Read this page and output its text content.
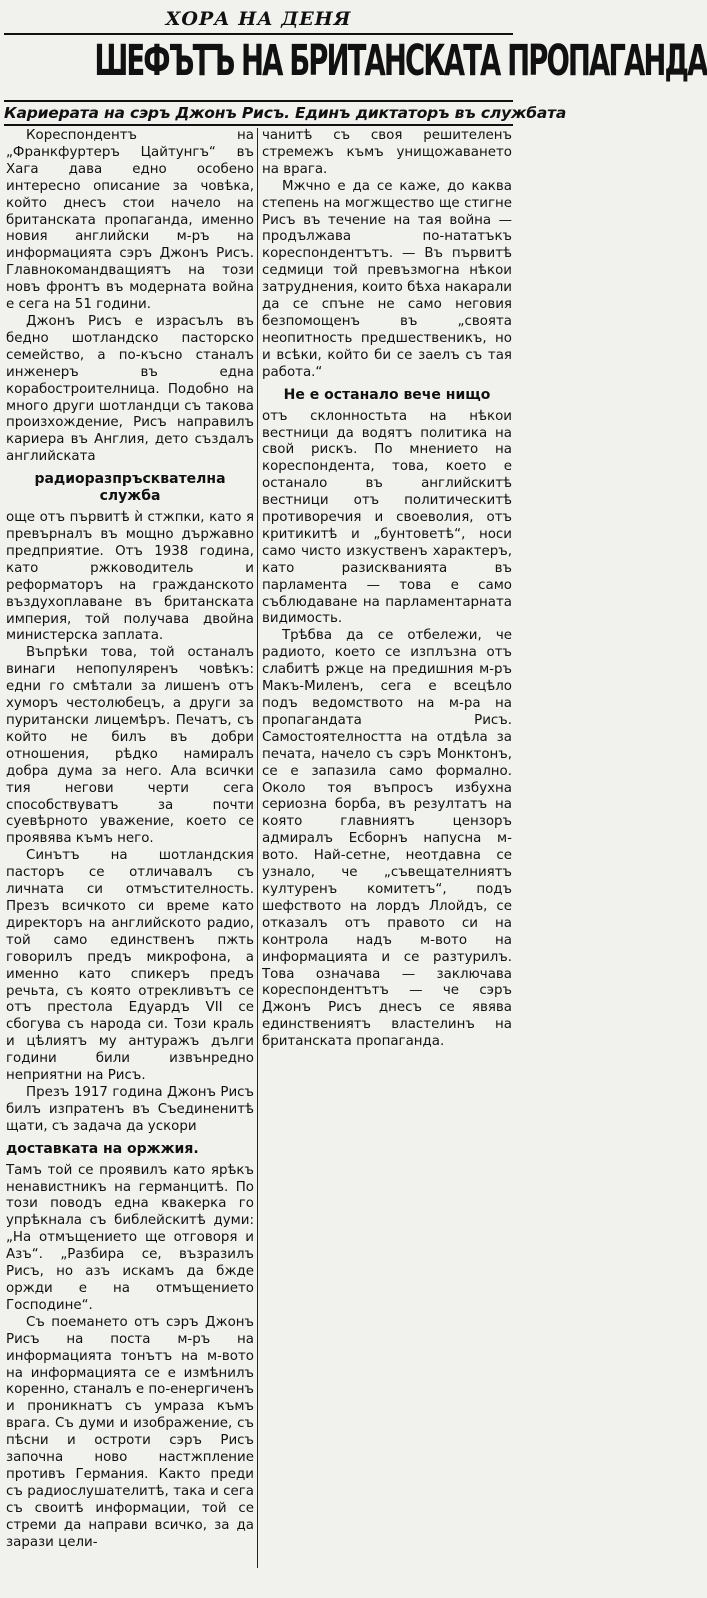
ХОРА НА ДЕНЯ
ШЕФЪТЪ НА БРИТАНСКАТА ПРОПАГАНДА
Кариерата на сэръ Джонъ Рисъ. Единъ диктаторъ въ службата

Кореспондентъ на „Франкфуртеръ Цайтунгъ“ въ Хага дава едно особено интересно описание за човѣка, който днесъ стои начело на британската пропаганда, именно новия английски м-ръ на информацията сэръ Джонъ Рисъ. Главнокомандващиятъ на този новъ фронтъ въ модерната война е сега на 51 години.

Джонъ Рисъ е израсълъ въ бедно шотландско пасторско семейство, а по-късно станалъ инженеръ въ една корабостроителница. Подобно на много други шотландци съ такова произхождение, Рисъ направилъ кариера въ Англия, дето създалъ английската

радиоразпръсквателна служба

още отъ първитѣ ѝ стжпки, като я превърналъ въ мощно държавно предприятие. Отъ 1938 година, като ржководитель и реформаторъ на гражданското въздухоплаване въ британската империя, той получава двойна министерска заплата.

Въпрѣки това, той останалъ винаги непопуляренъ човѣкъ: едни го смѣтали за лишенъ отъ хуморъ честолюбецъ, а други за пуритански лицемѣръ. Печатъ, съ който не билъ въ добри отношения, рѣдко намиралъ добра дума за него. Ала всички тия негови черти сега способствуватъ за почти суевѣрното уважение, което се проявява къмъ него.

Синътъ на шотландския пасторъ се отличавалъ съ личната си отмъстителность. Презъ всичкото си време като директоръ на английското радио, той само единственъ пжть говорилъ предъ микрофона, а именно като спикеръ предъ речьта, съ която отрекливътъ се отъ престола Едуардъ VII се сбогува съ народа си. Този краль и цѣлиятъ му антуражъ дълги години били извънредно неприятни на Рисъ.

Презъ 1917 година Джонъ Рисъ билъ изпратенъ въ Съединенитѣ щати, съ задача да ускори

доставката на оржжия.

Тамъ той се проявилъ като ярѣкъ ненавистникъ на германцитѣ. По този поводъ една квакерка го упрѣкнала съ библейскитѣ думи: „На отмъщението ще отговоря и Азъ“. „Разбира се, възразилъ Рисъ, но азъ искамъ да бжде оржди е на отмъщението Господине“.

Съ поемането отъ сэръ Джонъ Рисъ на поста м-ръ на информацията тонътъ на м-вото на информацията се е измѣнилъ коренно, станалъ е по-енергиченъ и проникнатъ съ умраза къмъ врага. Съ думи и изображение, съ пѣсни и остроти сэръ Рисъ започна ново настжпление противъ Германия. Както преди съ радиослушателитѣ, така и сега съ своитѣ информации, той се стреми да направи всичко, за да зарази цели-

чанитѣ съ своя решителенъ стремежъ къмъ унищожаването на врага.

Мжчно е да се каже, до каква степень на могжщество ще стигне Рисъ въ течение на тая война — продължава по-нататъкъ кореспондентътъ. — Въ първитѣ седмици той превъзмогна нѣкои затруднения, които бѣха накарали да се спъне не само неговия безпомощенъ въ „своята неопитность предшественикъ, но и всѣки, който би се заелъ съ тая работа.“

Не е останало вече нищо

отъ склонностьта на нѣкои вестници да водятъ политика на свой рискъ. По мнението на кореспондента, това, което е останало въ английскитѣ вестници отъ политическитѣ противоречия и своеволия, отъ критикитѣ и „бунтоветѣ“, носи само чисто изкуственъ характеръ, като разискванията въ парламента — това е само съблюдаване на парламентарната видимость.

Трѣбва да се отбележи, че радиото, което се изплъзна отъ слабитѣ ржце на предишния м-ръ Макъ-Миленъ, сега е всецѣло подъ ведомството на м-ра на пропагандата Рисъ. Самостоятелността на отдѣла за печата, начело съ сэръ Монктонъ, се е запазила само формално. Около тоя въпросъ избухна сериозна борба, въ резултатъ на която главниятъ цензоръ адмиралъ Есборнъ напусна м-вото. Най-сетне, неотдавна се узнало, че „съвещателниятъ културенъ комитетъ“, подъ шефството на лордъ Ллойдъ, се отказалъ отъ правото си на контрола надъ м-вото на информацията и се разтурилъ. Това означава — заключава кореспондентътъ — че сэръ Джонъ Рисъ днесъ се явява единствениятъ властелинъ на британската пропаганда.
